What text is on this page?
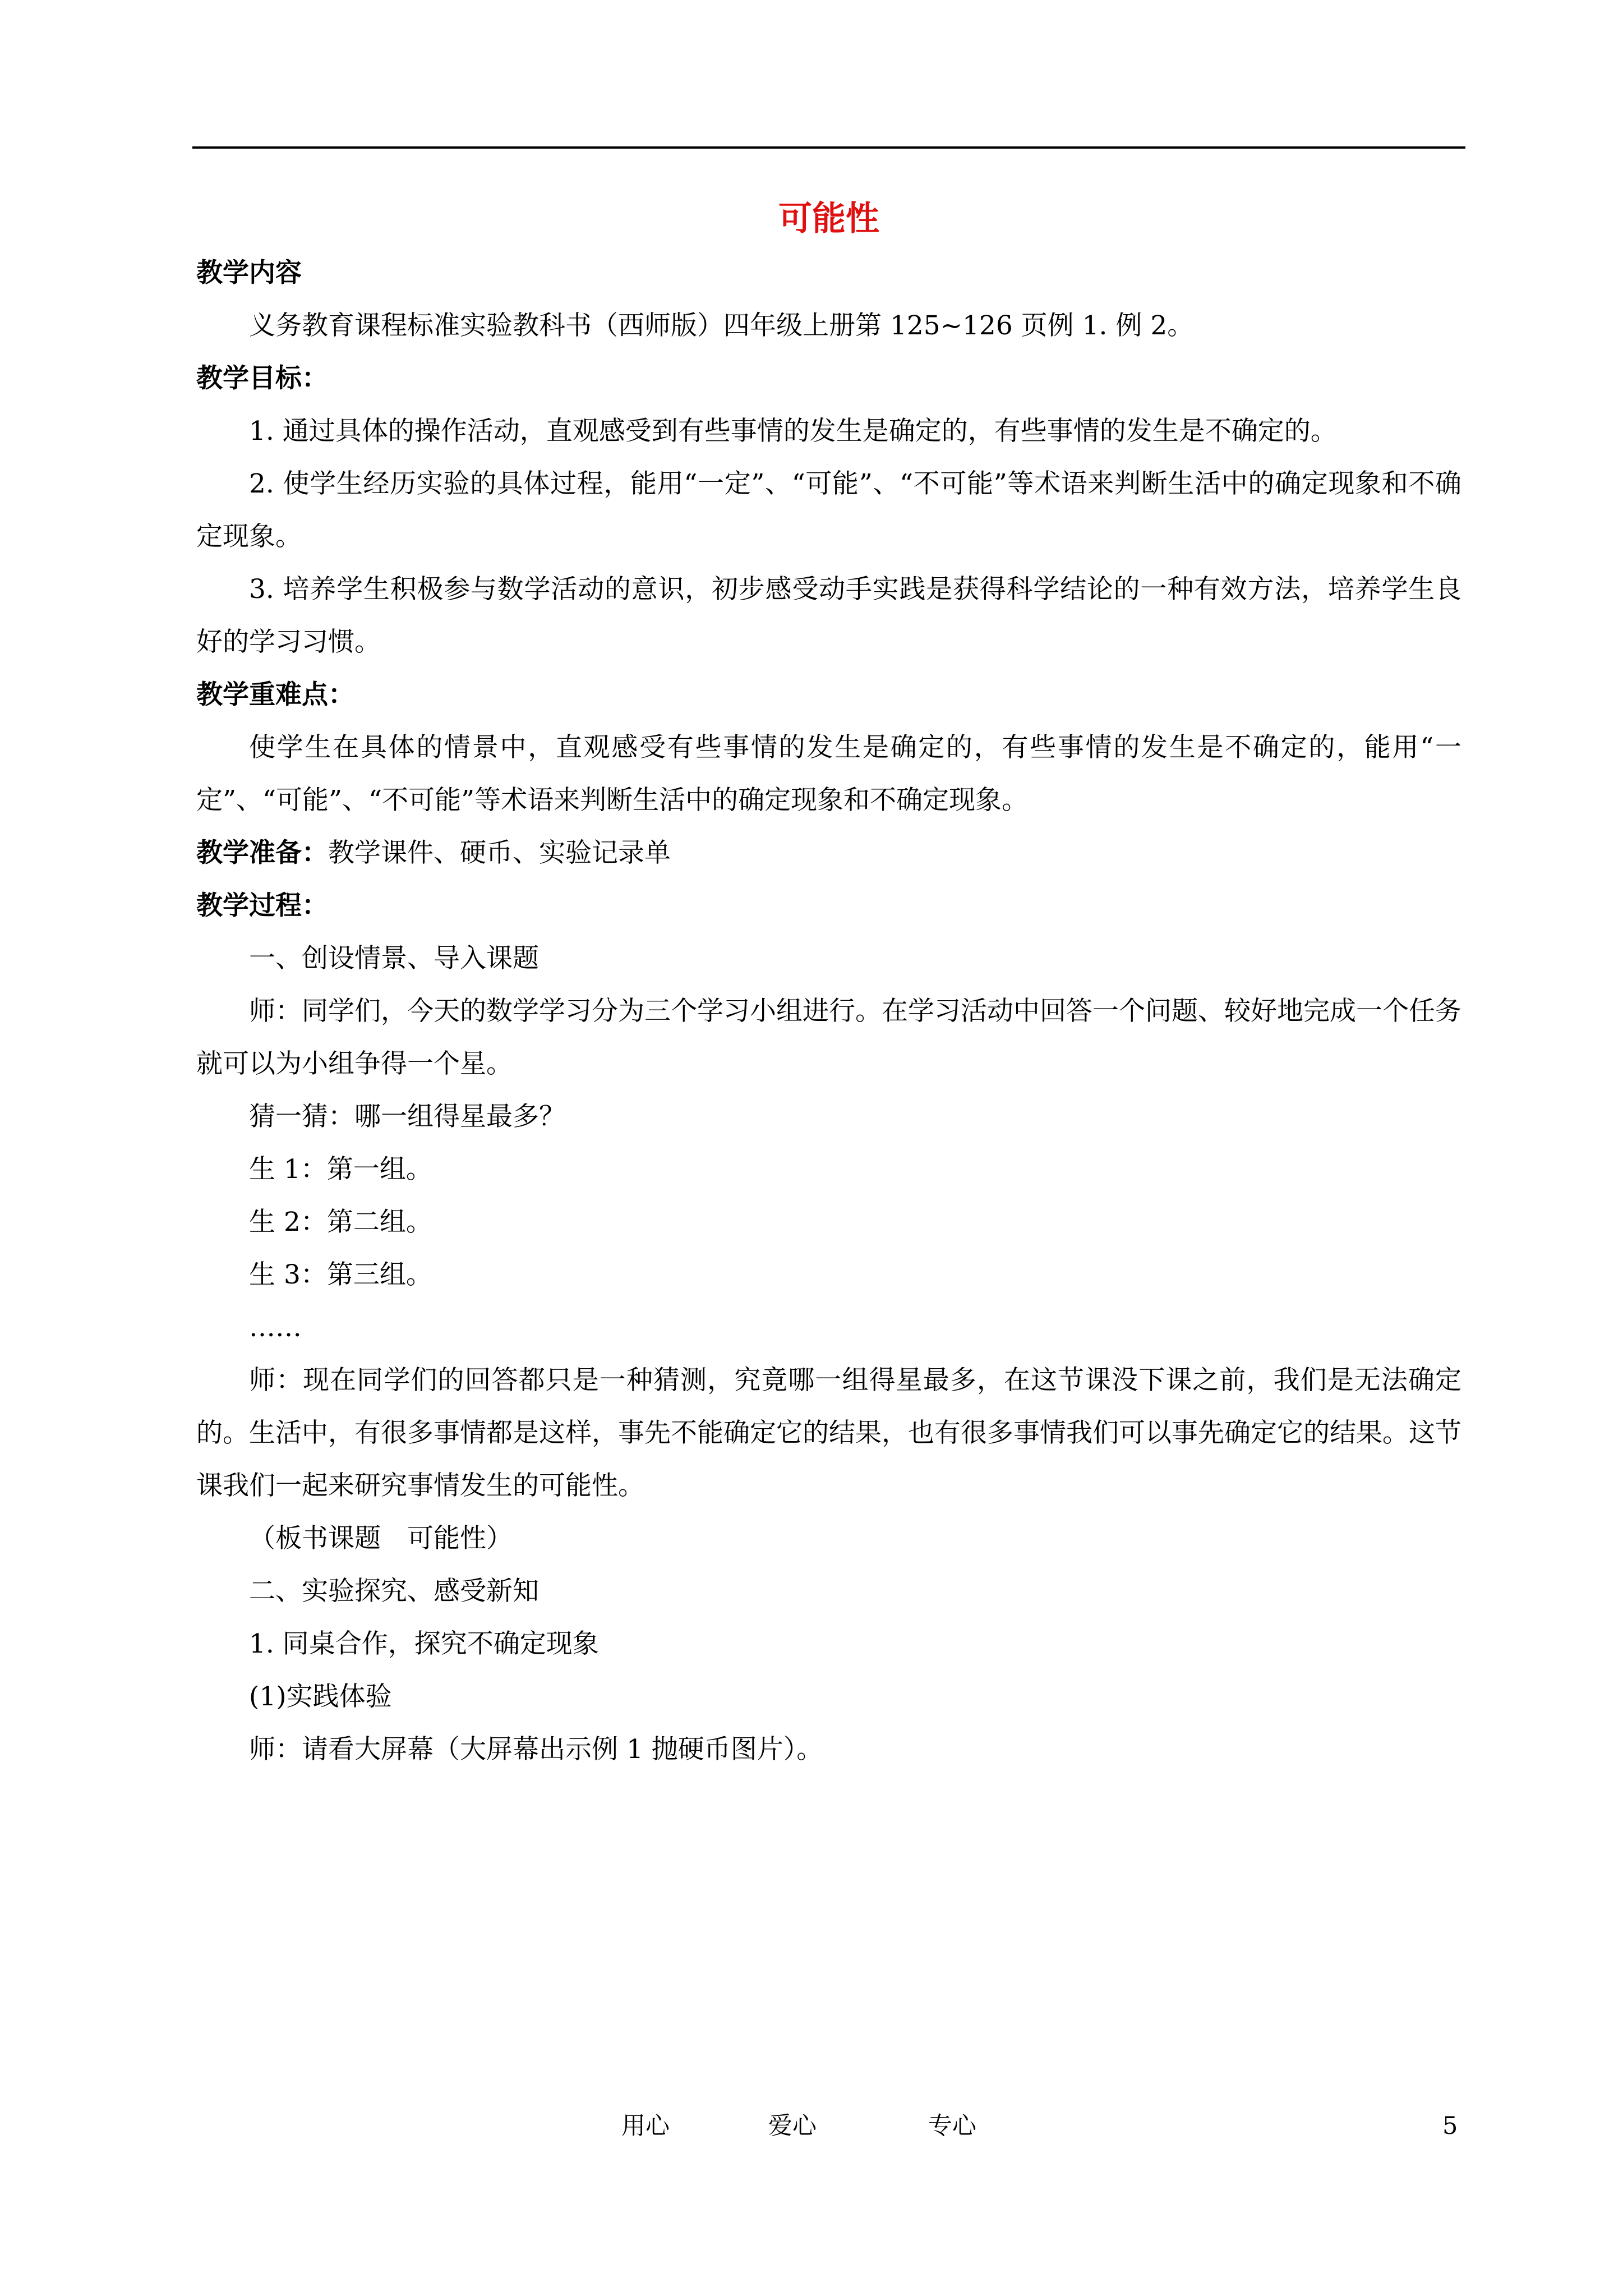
可能性

教学内容

义务教育课程标准实验教科书（西师版）四年级上册第 125~126 页例 1. 例 2。

教学目标：

1. 通过具体的操作活动，直观感受到有些事情的发生是确定的，有些事情的发生是不确定的。

2. 使学生经历实验的具体过程，能用“一定”、“可能”、“不可能”等术语来判断生活中的确定现象和不确定现象。

3. 培养学生积极参与数学活动的意识，初步感受动手实践是获得科学结论的一种有效方法，培养学生良好的学习习惯。

教学重难点：

使学生在具体的情景中，直观感受有些事情的发生是确定的，有些事情的发生是不确定的，能用“一定”、“可能”、“不可能”等术语来判断生活中的确定现象和不确定现象。

教学准备：教学课件、硬币、实验记录单

教学过程：

一、创设情景、导入课题

师：同学们，今天的数学学习分为三个学习小组进行。在学习活动中回答一个问题、较好地完成一个任务就可以为小组争得一个星。

猜一猜：哪一组得星最多？

生 1：第一组。

生 2：第二组。

生 3：第三组。

……

师：现在同学们的回答都只是一种猜测，究竟哪一组得星最多，在这节课没下课之前，我们是无法确定的。生活中，有很多事情都是这样，事先不能确定它的结果，也有很多事情我们可以事先确定它的结果。这节课我们一起来研究事情发生的可能性。

（板书课题　可能性）

二、实验探究、感受新知

1. 同桌合作，探究不确定现象

(1)实践体验

师：请看大屏幕（大屏幕出示例 1 抛硬币图片）。

用心	爱心	专心	5
